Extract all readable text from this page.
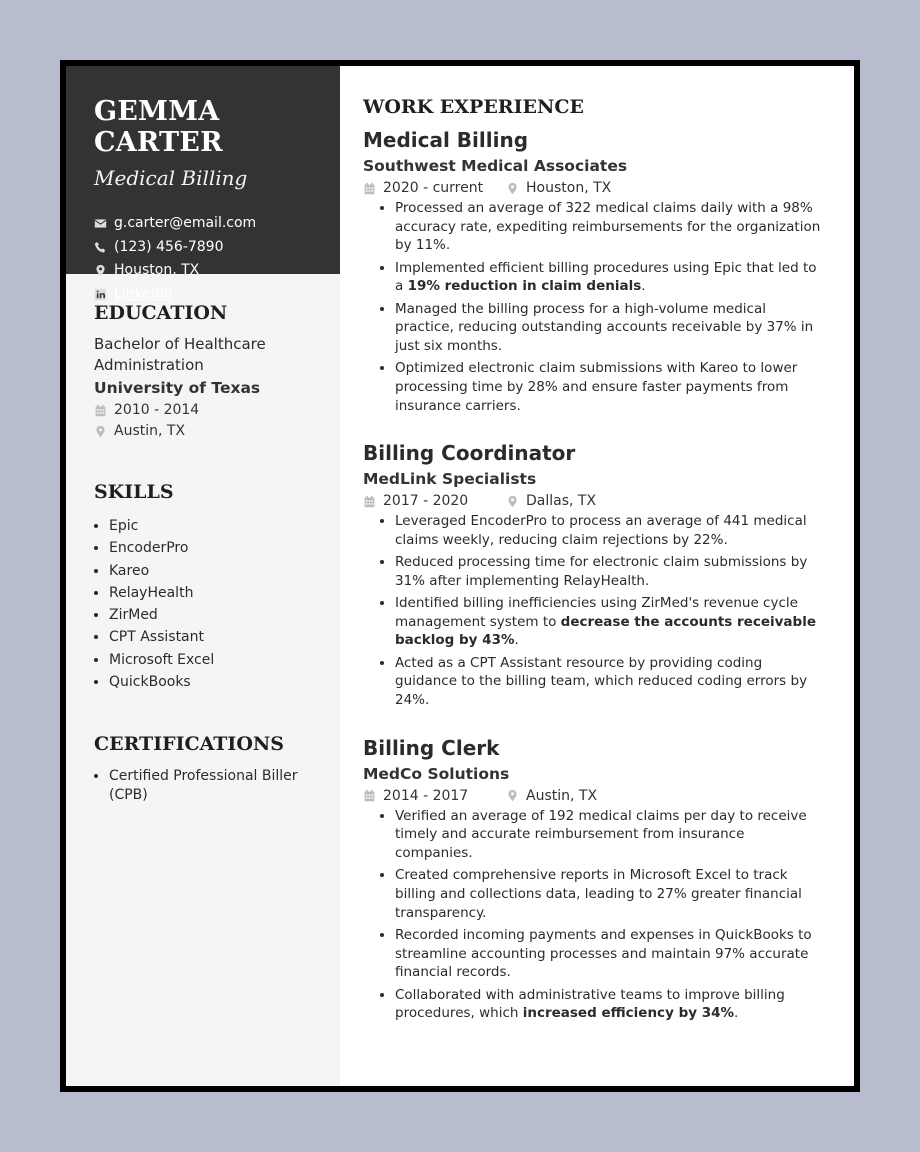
GEMMA CARTER
Medical Billing
g.carter@email.com
(123) 456-7890
Houston, TX
LinkedIn
EDUCATION
Bachelor of Healthcare Administration
University of Texas
2010 - 2014
Austin, TX
SKILLS
• Epic
• EncoderPro
• Kareo
• RelayHealth
• ZirMed
• CPT Assistant
• Microsoft Excel
• QuickBooks
CERTIFICATIONS
• Certified Professional Biller (CPB)
WORK EXPERIENCE
Medical Billing
Southwest Medical Associates
2020 - current	Houston, TX
• Processed an average of 322 medical claims daily with a 98% accuracy rate, expediting reimbursements for the organization by 11%.
• Implemented efficient billing procedures using Epic that led to a 19% reduction in claim denials.
• Managed the billing process for a high-volume medical practice, reducing outstanding accounts receivable by 37% in just six months.
• Optimized electronic claim submissions with Kareo to lower processing time by 28% and ensure faster payments from insurance carriers.
Billing Coordinator
MedLink Specialists
2017 - 2020	Dallas, TX
• Leveraged EncoderPro to process an average of 441 medical claims weekly, reducing claim rejections by 22%.
• Reduced processing time for electronic claim submissions by 31% after implementing RelayHealth.
• Identified billing inefficiencies using ZirMed's revenue cycle management system to decrease the accounts receivable backlog by 43%.
• Acted as a CPT Assistant resource by providing coding guidance to the billing team, which reduced coding errors by 24%.
Billing Clerk
MedCo Solutions
2014 - 2017	Austin, TX
• Verified an average of 192 medical claims per day to receive timely and accurate reimbursement from insurance companies.
• Created comprehensive reports in Microsoft Excel to track billing and collections data, leading to 27% greater financial transparency.
• Recorded incoming payments and expenses in QuickBooks to streamline accounting processes and maintain 97% accurate financial records.
• Collaborated with administrative teams to improve billing procedures, which increased efficiency by 34%.
